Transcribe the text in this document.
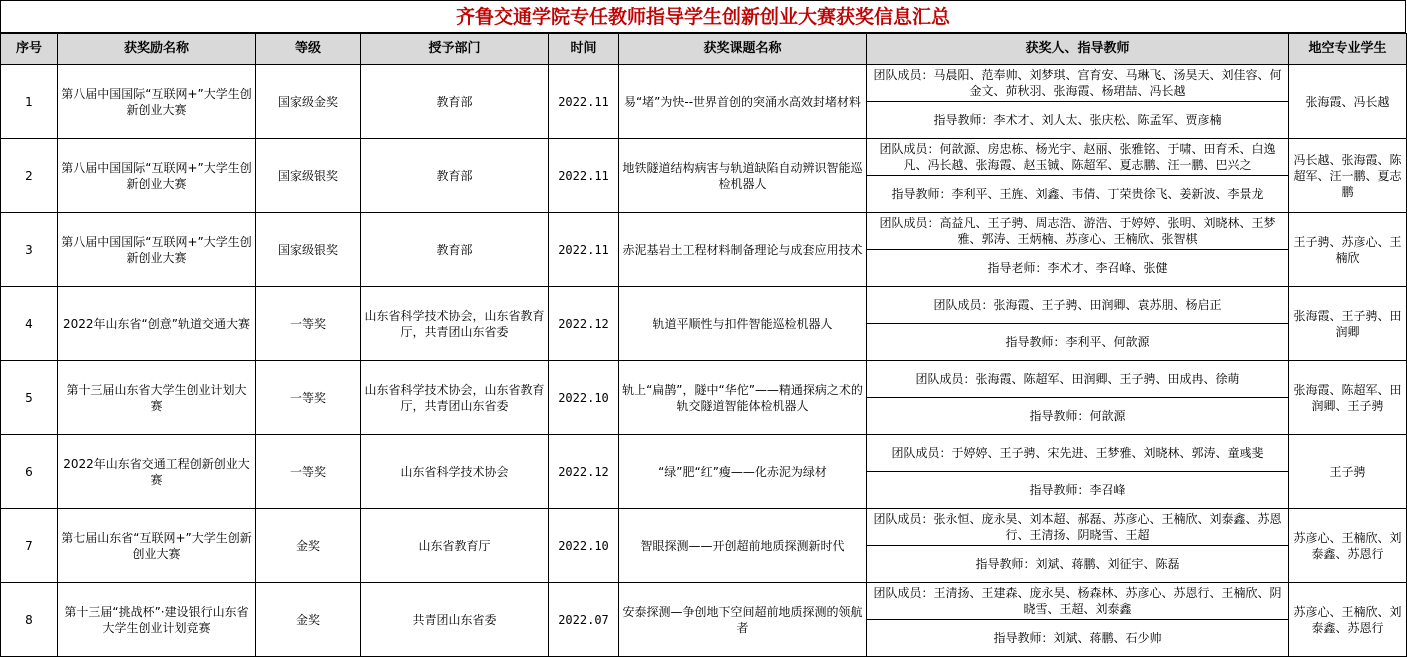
齐鲁交通学院专任教师指导学生创新创业大赛获奖信息汇总
序号	获奖励名称	等级	授予部门	时间	获奖课题名称	获奖人、指导教师	地空专业学生
1	第八届中国国际“互联网+”大学生创新创业大赛	国家级金奖	教育部	2022.11	易“堵”为快--世界首创的突涌水高效封堵材料	团队成员：马晨阳、范奉帅、刘梦琪、宫育安、马琳飞、汤昊天、刘佳容、何金文、茆秋羽、张海霞、杨珺喆、冯长越	张海霞、冯长越
						指导教师：李术才、刘人太、张庆松、陈孟军、贾彦楠	
2	第八届中国国际“互联网+”大学生创新创业大赛	国家级银奖	教育部	2022.11	地铁隧道结构病害与轨道缺陷自动辨识智能巡检机器人	团队成员：何歆源、房忠栋、杨光宇、赵丽、张雅铭、于啸、田育禾、白逸凡、冯长越、张海霞、赵玉铖、陈超军、夏志鹏、汪一鹏、巴兴之	冯长越、张海霞、陈超军、汪一鹏、夏志鹏
						指导教师：李利平、王旌、刘鑫、韦倩、丁荣贵徐飞、姜新波、李景龙	
3	第八届中国国际“互联网+”大学生创新创业大赛	国家级银奖	教育部	2022.11	赤泥基岩土工程材料制备理论与成套应用技术	团队成员：高益凡、王子骋、周志浩、游浩、于婷婷、张明、刘晓林、王梦雅、郭涛、王炳楠、苏彦心、王楠欣、张智棋	王子骋、苏彦心、王楠欣
						指导老师：李术才、李召峰、张健	
4	2022年山东省“创意”轨道交通大赛	一等奖	山东省科学技术协会，山东省教育厅，共青团山东省委	2022.12	轨道平顺性与扣件智能巡检机器人	团队成员：张海霞、王子骋、田润卿、袁苏朋、杨启正	张海霞、王子骋、田润卿
						指导教师：李利平、何歆源	
5	第十三届山东省大学生创业计划大赛	一等奖	山东省科学技术协会，山东省教育厅，共青团山东省委	2022.10	轨上“扁鹊”，隧中“华佗”——精通探病之术的轨交隧道智能体检机器人	团队成员：张海霞、陈超军、田润卿、王子骋、田成冉、徐萌	张海霞、陈超军、田润卿、王子骋
						指导教师：何歆源	
6	2022年山东省交通工程创新创业大赛	一等奖	山东省科学技术协会	2022.12	“绿”肥“红”瘦——化赤泥为绿材	团队成员：于婷婷、王子骋、宋先进、王梦雅、刘晓林、郭涛、童彧斐	王子骋
						指导教师：李召峰	
7	第七届山东省“互联网+”大学生创新创业大赛	金奖	山东省教育厅	2022.10	智眼探测——开创超前地质探测新时代	团队成员：张永恒、庞永昊、刘本超、郝磊、苏彦心、王楠欣、刘泰鑫、苏恩行、王清扬、阴晓雪、王超	苏彦心、王楠欣、刘泰鑫、苏恩行
						指导教师：刘斌、蒋鹏、刘征宇、陈磊	
8	第十三届“挑战杯”·建设银行山东省大学生创业计划竞赛	金奖	共青团山东省委	2022.07	安泰探测—争创地下空间超前地质探测的领航者	团队成员：王清扬、王建森、庞永昊、杨森林、苏彦心、苏恩行、王楠欣、阴晓雪、王超、刘泰鑫	苏彦心、王楠欣、刘泰鑫、苏恩行
						指导教师：刘斌、蒋鹏、石少帅	
